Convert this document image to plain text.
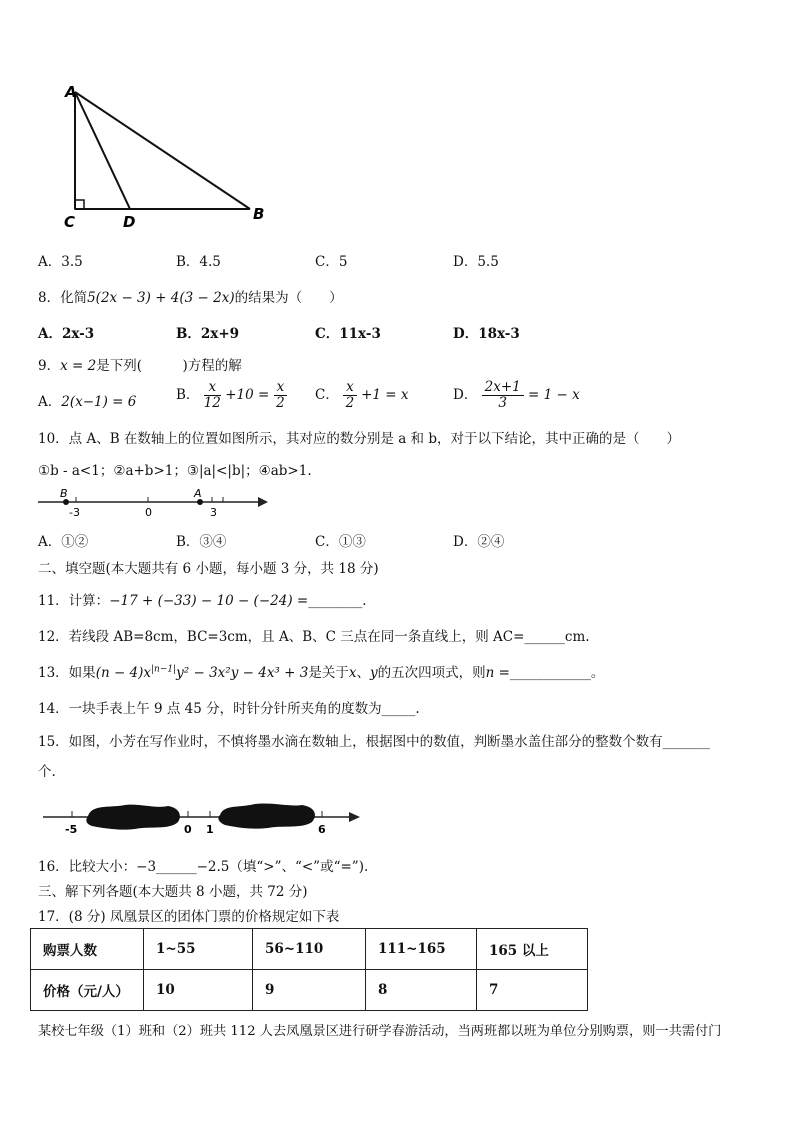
A
C	D	B
A．3.5	B．4.5	C．5	D．5.5
8．化简5(2x − 3) + 4(3 − 2x)的结果为（　　）
A．2x-3	B．2x+9	C．11x-3	D．18x-3
9．x = 2是下列(　　　)方程的解
A．2(x−1) = 6	B． $\frac{x}{12} +10 = \frac{x}{2}$ C． $\frac{x}{2} +1 = x$	D． $\frac{2x+1}{3} = 1 - x$
10．点 A、B 在数轴上的位置如图所示，其对应的数分别是 a 和 b，对于以下结论，其中正确的是（　　）
①b - a<1；②a+b>1；③|a|<|b|；④ab>1.
B	A
-3	0	3
A．①②	B．③④	C．①③	D．②④
二、填空题(本大题共有 6 小题，每小题 3 分，共 18 分)
11．计算：−17 + (−33) − 10 − (−24) =________.
12．若线段 AB=8cm，BC=3cm，且 A、B、C 三点在同一条直线上，则 AC=______cm.
13．如果$(n - 4)x^{|n-1|}y^2 - 3x^2y - 4x^3 + 3$是关于x、y的五次四项式，则n =____________。
14．一块手表上午 9 点 45 分，时针分针所夹角的度数为_____.
15．如图，小芳在写作业时，不慎将墨水滴在数轴上，根据图中的数值，判断墨水盖住部分的整数个数有_______
个.
-5	0 1	6
16．比较大小：−3______−2.5（填“>”、“<”或“=”).
三、解下列各题(本大题共 8 小题，共 72 分)
17．(8 分) 凤凰景区的团体门票的价格规定如下表
购票人数	1~55	56~110	111~165	165 以上
价格（元/人）	10	9	8	7
某校七年级（1）班和（2）班共 112 人去凤凰景区进行研学春游活动，当两班都以班为单位分别购票，则一共需付门
